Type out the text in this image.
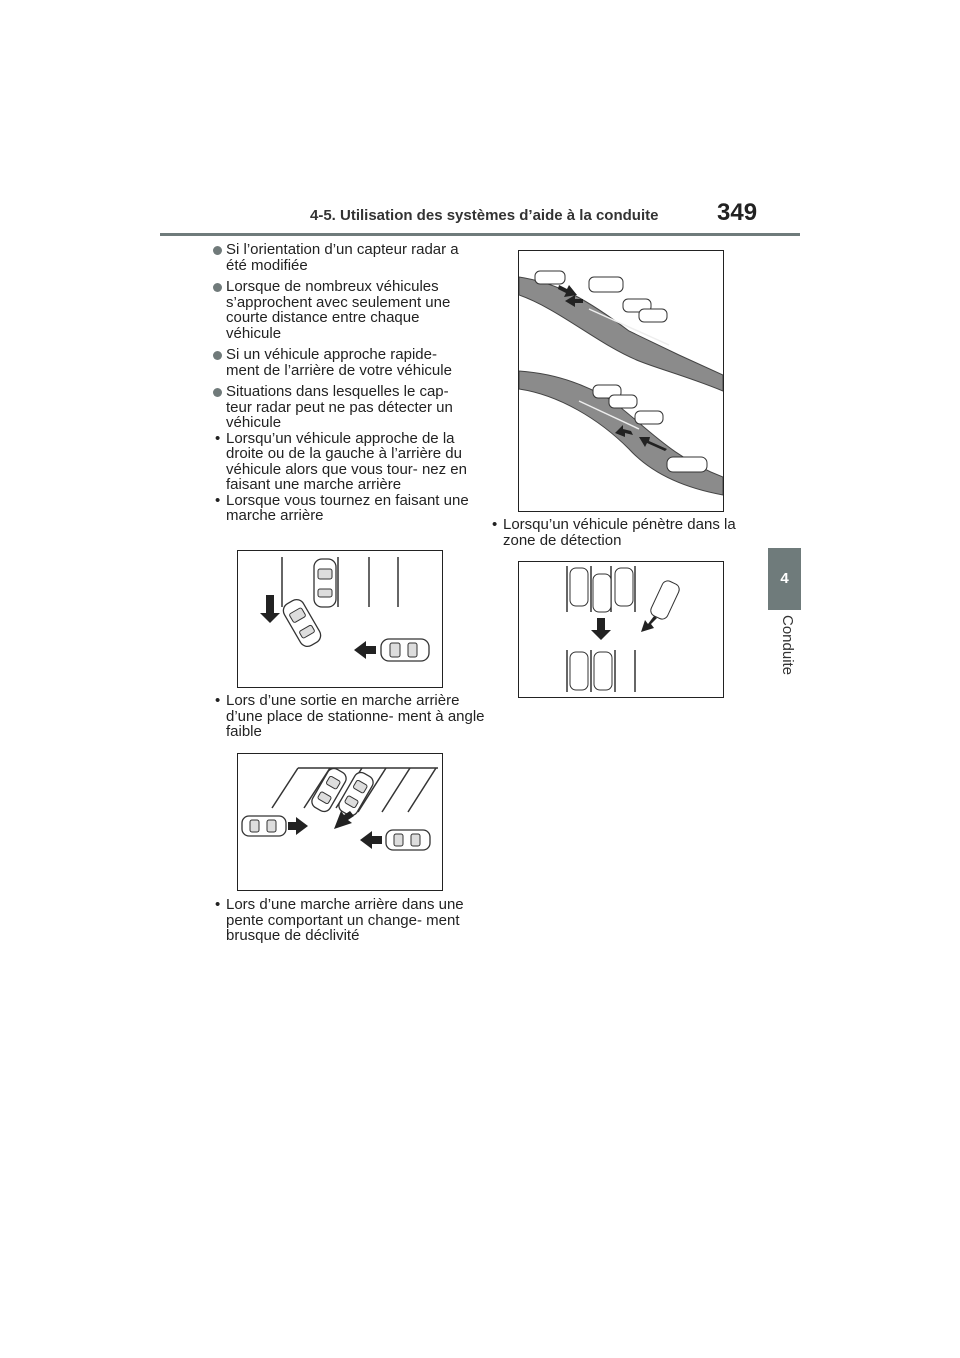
4-5. Utilisation des systèmes d’aide à la conduite 349
4
Conduite
Si l’orientation d’un capteur radar a été modifiée
Lorsque de nombreux véhicules s’approchent avec seulement une courte distance entre chaque véhicule
Si un véhicule approche rapide- ment de l’arrière de votre véhicule
Situations dans lesquelles le cap- teur radar peut ne pas détecter un véhicule
• Lorsqu’un véhicule approche de la droite ou de la gauche à l’arrière du véhicule alors que vous tour- nez en faisant une marche arrière
• Lorsque vous tournez en faisant une marche arrière
• Lors d’une sortie en marche arrière d’une place de stationne- ment à angle faible
• Lors d’une marche arrière dans une pente comportant un change- ment brusque de déclivité
• Lorsqu’un véhicule pénètre dans la zone de détection
